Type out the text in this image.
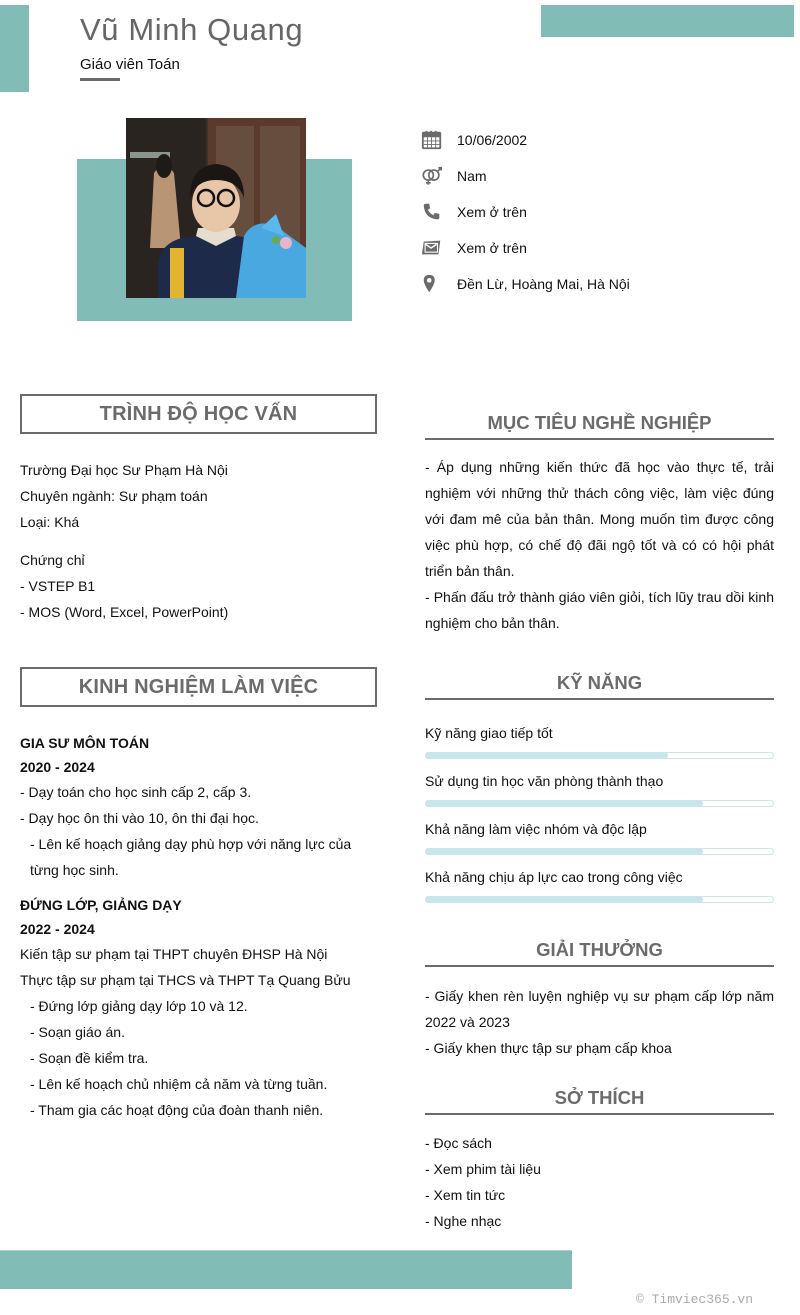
Vũ Minh Quang
Giáo viên Toán
10/06/2002
Nam
Xem ở trên
Xem ở trên
Đền Lừ, Hoàng Mai, Hà Nội
TRÌNH ĐỘ HỌC VẤN
Trường Đại học Sư Phạm Hà Nội
Chuyên ngành: Sư phạm toán
Loại: Khá
Chứng chỉ
- VSTEP B1
- MOS (Word, Excel, PowerPoint)
KINH NGHIỆM LÀM VIỆC
GIA SƯ MÔN TOÁN
2020 - 2024
- Dạy toán cho học sinh cấp 2, cấp 3.
- Dạy học ôn thi vào 10, ôn thi đại học.
- Lên kế hoạch giảng dạy phù hợp với năng lực của từng học sinh.
ĐỨNG LỚP, GIẢNG DẠY
2022 - 2024
Kiến tập sư phạm tại THPT chuyên ĐHSP Hà Nội
Thực tập sư phạm tại THCS và THPT Tạ Quang Bửu
- Đứng lớp giảng dạy lớp 10 và 12.
- Soạn giáo án.
- Soạn đề kiểm tra.
- Lên kế hoạch chủ nhiệm cả năm và từng tuần.
- Tham gia các hoạt động của đoàn thanh niên.
MỤC TIÊU NGHỀ NGHIỆP
- Áp dụng những kiến thức đã học vào thực tế, trải nghiệm với những thử thách công việc, làm việc đúng với đam mê của bản thân. Mong muốn tìm được công việc phù hợp, có chế độ đãi ngộ tốt và có có hội phát triển bản thân.
- Phấn đấu trở thành giáo viên giỏi, tích lũy trau dồi kinh nghiệm cho bản thân.
KỸ NĂNG
Kỹ năng giao tiếp tốt
Sử dụng tin học văn phòng thành thạo
Khả năng làm việc nhóm và độc lập
Khả năng chịu áp lực cao trong công việc
GIẢI THƯỞNG
- Giấy khen rèn luyện nghiệp vụ sư phạm cấp lớp năm 2022 và 2023
- Giấy khen thực tập sư phạm cấp khoa
SỞ THÍCH
- Đọc sách
- Xem phim tài liệu
- Xem tin tức
- Nghe nhạc
© Timviec365.vn
